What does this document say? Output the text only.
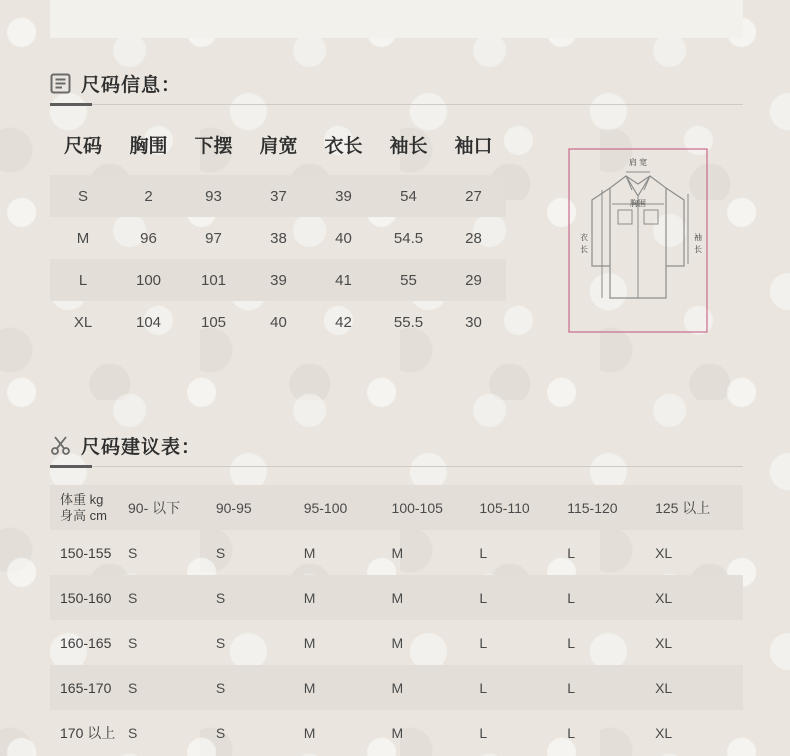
尺码信息：
尺码	胸围	下摆	肩宽	衣长	袖长	袖口
S	2	93	37	39	54	27
M	96	97	38	40	54.5	28
L	100	101	39	41	55	29
XL	104	105	40	42	55.5	30
肩 宽
胸围
衣
长
袖
长
尺码建议表：
体重 kg
身高 cm	90- 以下	90-95	95-100	100-105	105-110	115-120	125 以上
150-155	S	S	M	M	L	L	XL
150-160	S	S	M	M	L	L	XL
160-165	S	S	M	M	L	L	XL
165-170	S	S	M	M	L	L	XL
170 以上	S	S	M	M	L	L	XL
